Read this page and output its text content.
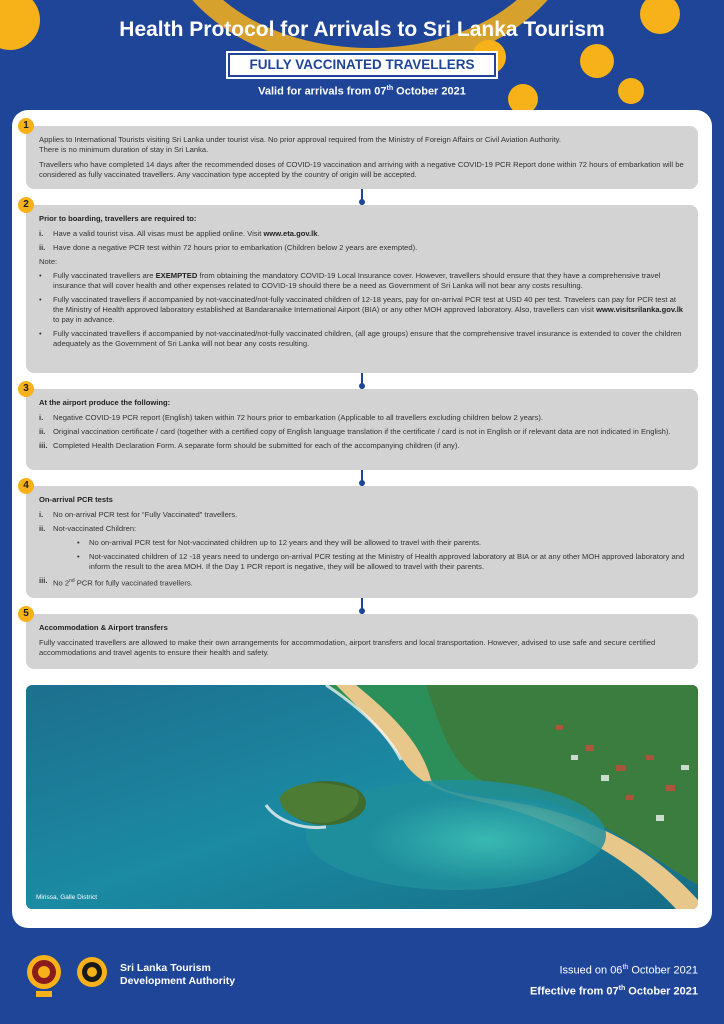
Health Protocol for Arrivals to Sri Lanka Tourism
FULLY VACCINATED TRAVELLERS
Valid for arrivals from 07th October 2021
1

Applies to International Tourists visiting Sri Lanka under tourist visa. No prior approval required from the Ministry of Foreign Affairs or Civil Aviation Authority.
There is no minimum duration of stay in Sri Lanka.

Travellers who have completed 14 days after the recommended doses of COVID-19 vaccination and arriving with a negative COVID-19 PCR Report done within 72 hours of embarkation will be considered as fully vaccinated travellers. Any vaccination type accepted by the country of origin will be accepted.

2
Prior to boarding, travellers are required to:
i.	Have a valid tourist visa. All visas must be applied online. Visit www.eta.gov.lk.
ii.	Have done a negative PCR test within 72 hours prior to embarkation (Children below 2 years are exempted).

Note:

•	Fully vaccinated travellers are EXEMPTED from obtaining the mandatory COVID-19 Local Insurance cover. However, travellers should ensure that they have a comprehensive travel insurance that will cover health and other expenses related to COVID-19 should there be a need as Government of Sri Lanka will not bear any costs resulting.
•	Fully vaccinated travellers if accompanied by not-vaccinated/not-fully vaccinated children of 12-18 years, pay for on-arrival PCR test at USD 40 per test. Travelers can pay for PCR test at the Ministry of Health approved laboratory established at Bandaranaike International Airport (BIA) or any other MOH approved laboratory. Also, travellers can visit www.visitsrilanka.gov.lk to pay in advance.
•	Fully vaccinated travellers if accompanied by not-vaccinated/not-fully vaccinated children, (all age groups) ensure that the comprehensive travel insurance is extended to cover the children adequately as the Government of Sri Lanka will not bear any costs resulting.
3
At the airport produce the following:
i.	Negative COVID-19 PCR report (English) taken within 72 hours prior to embarkation (Applicable to all travellers excluding children below 2 years).
ii.	Original vaccination certificate / card (together with a certified copy of English language translation if the certificate / card is not in English or if relevant data are not indicated in English).
iii. Completed Health Declaration Form. A separate form should be submitted for each of the accompanying children (if any).
4
On-arrival PCR tests
i.	No on-arrival PCR test for “Fully Vaccinated” travellers.
ii.	Not-vaccinated Children:
•	No on-arrival PCR test for Not-vaccinated children up to 12 years and they will be allowed to travel with their parents.
•	Not-vaccinated children of 12 -18 years need to undergo on-arrival PCR testing at the Ministry of Health approved laboratory at BIA or at any other MOH approved laboratory and inform the result to the area MOH. If the Day 1 PCR report is negative, they will be allowed to travel with their parents.
iii. No 2nd PCR for fully vaccinated travellers.
5
Accommodation & Airport transfers

Fully vaccinated travellers are allowed to make their own arrangements for accommodation, airport transfers and local transportation. However, advised to use safe and secure certified accommodations and travel agents to ensure their health and safety.

Mirissa, Galle District
Sri Lanka Tourism
Development Authority
Issued on 06th October 2021
Effective from 07th October 2021
